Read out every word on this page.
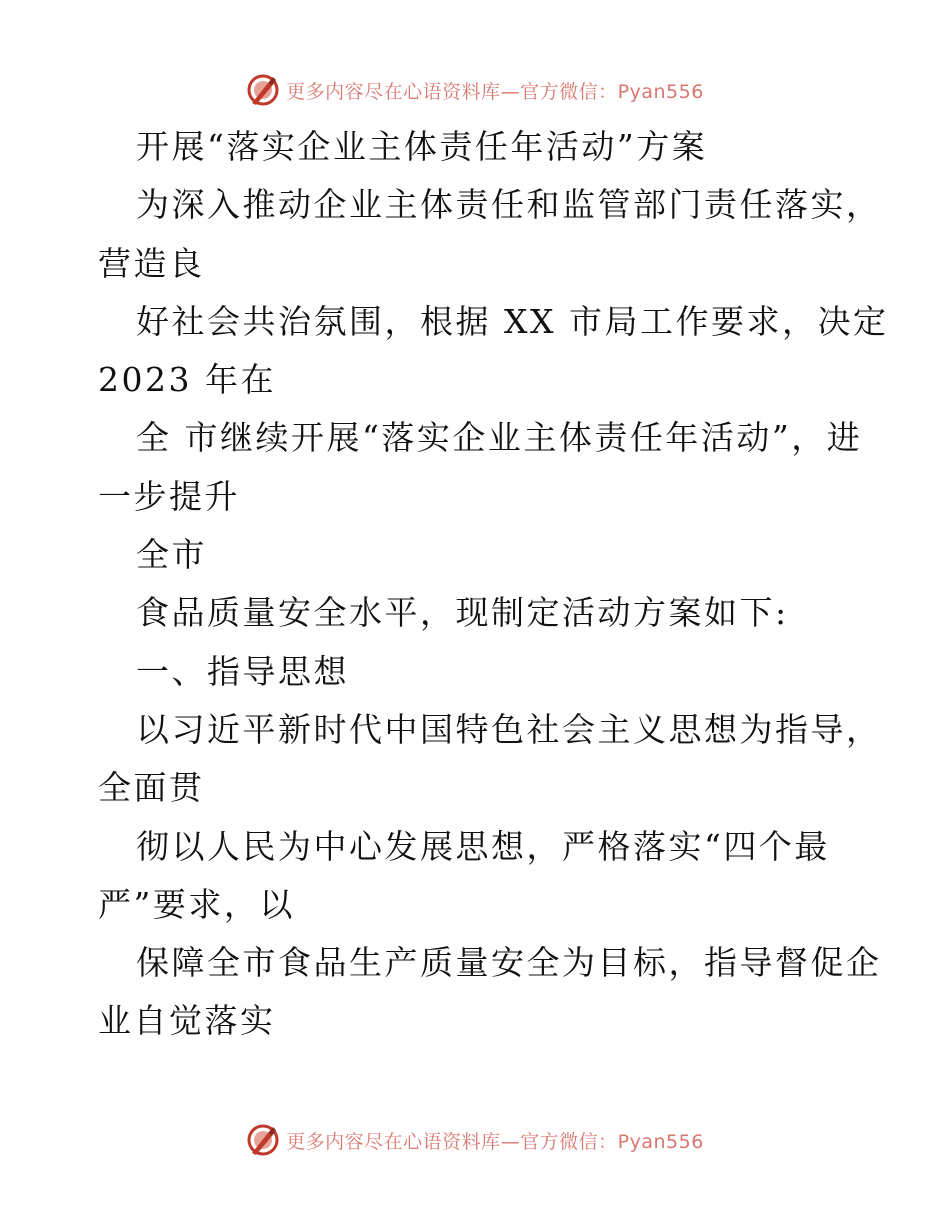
更多内容尽在心语资料库—官方微信：Pyan556
开展“落实企业主体责任年活动”方案
为深入推动企业主体责任和监管部门责任落实，
营造良
好社会共治氛围，根据 XX 市局工作要求，决定
2023 年在
全 市继续开展“落实企业主体责任年活动”，进
一步提升
全市
食品质量安全水平，现制定活动方案如下:
一、指导思想
以习近平新时代中国特色社会主义思想为指导，
全面贯
彻以人民为中心发展思想，严格落实“四个最
严”要求，以
保障全市食品生产质量安全为目标，指导督促企
业自觉落实
更多内容尽在心语资料库—官方微信：Pyan556
